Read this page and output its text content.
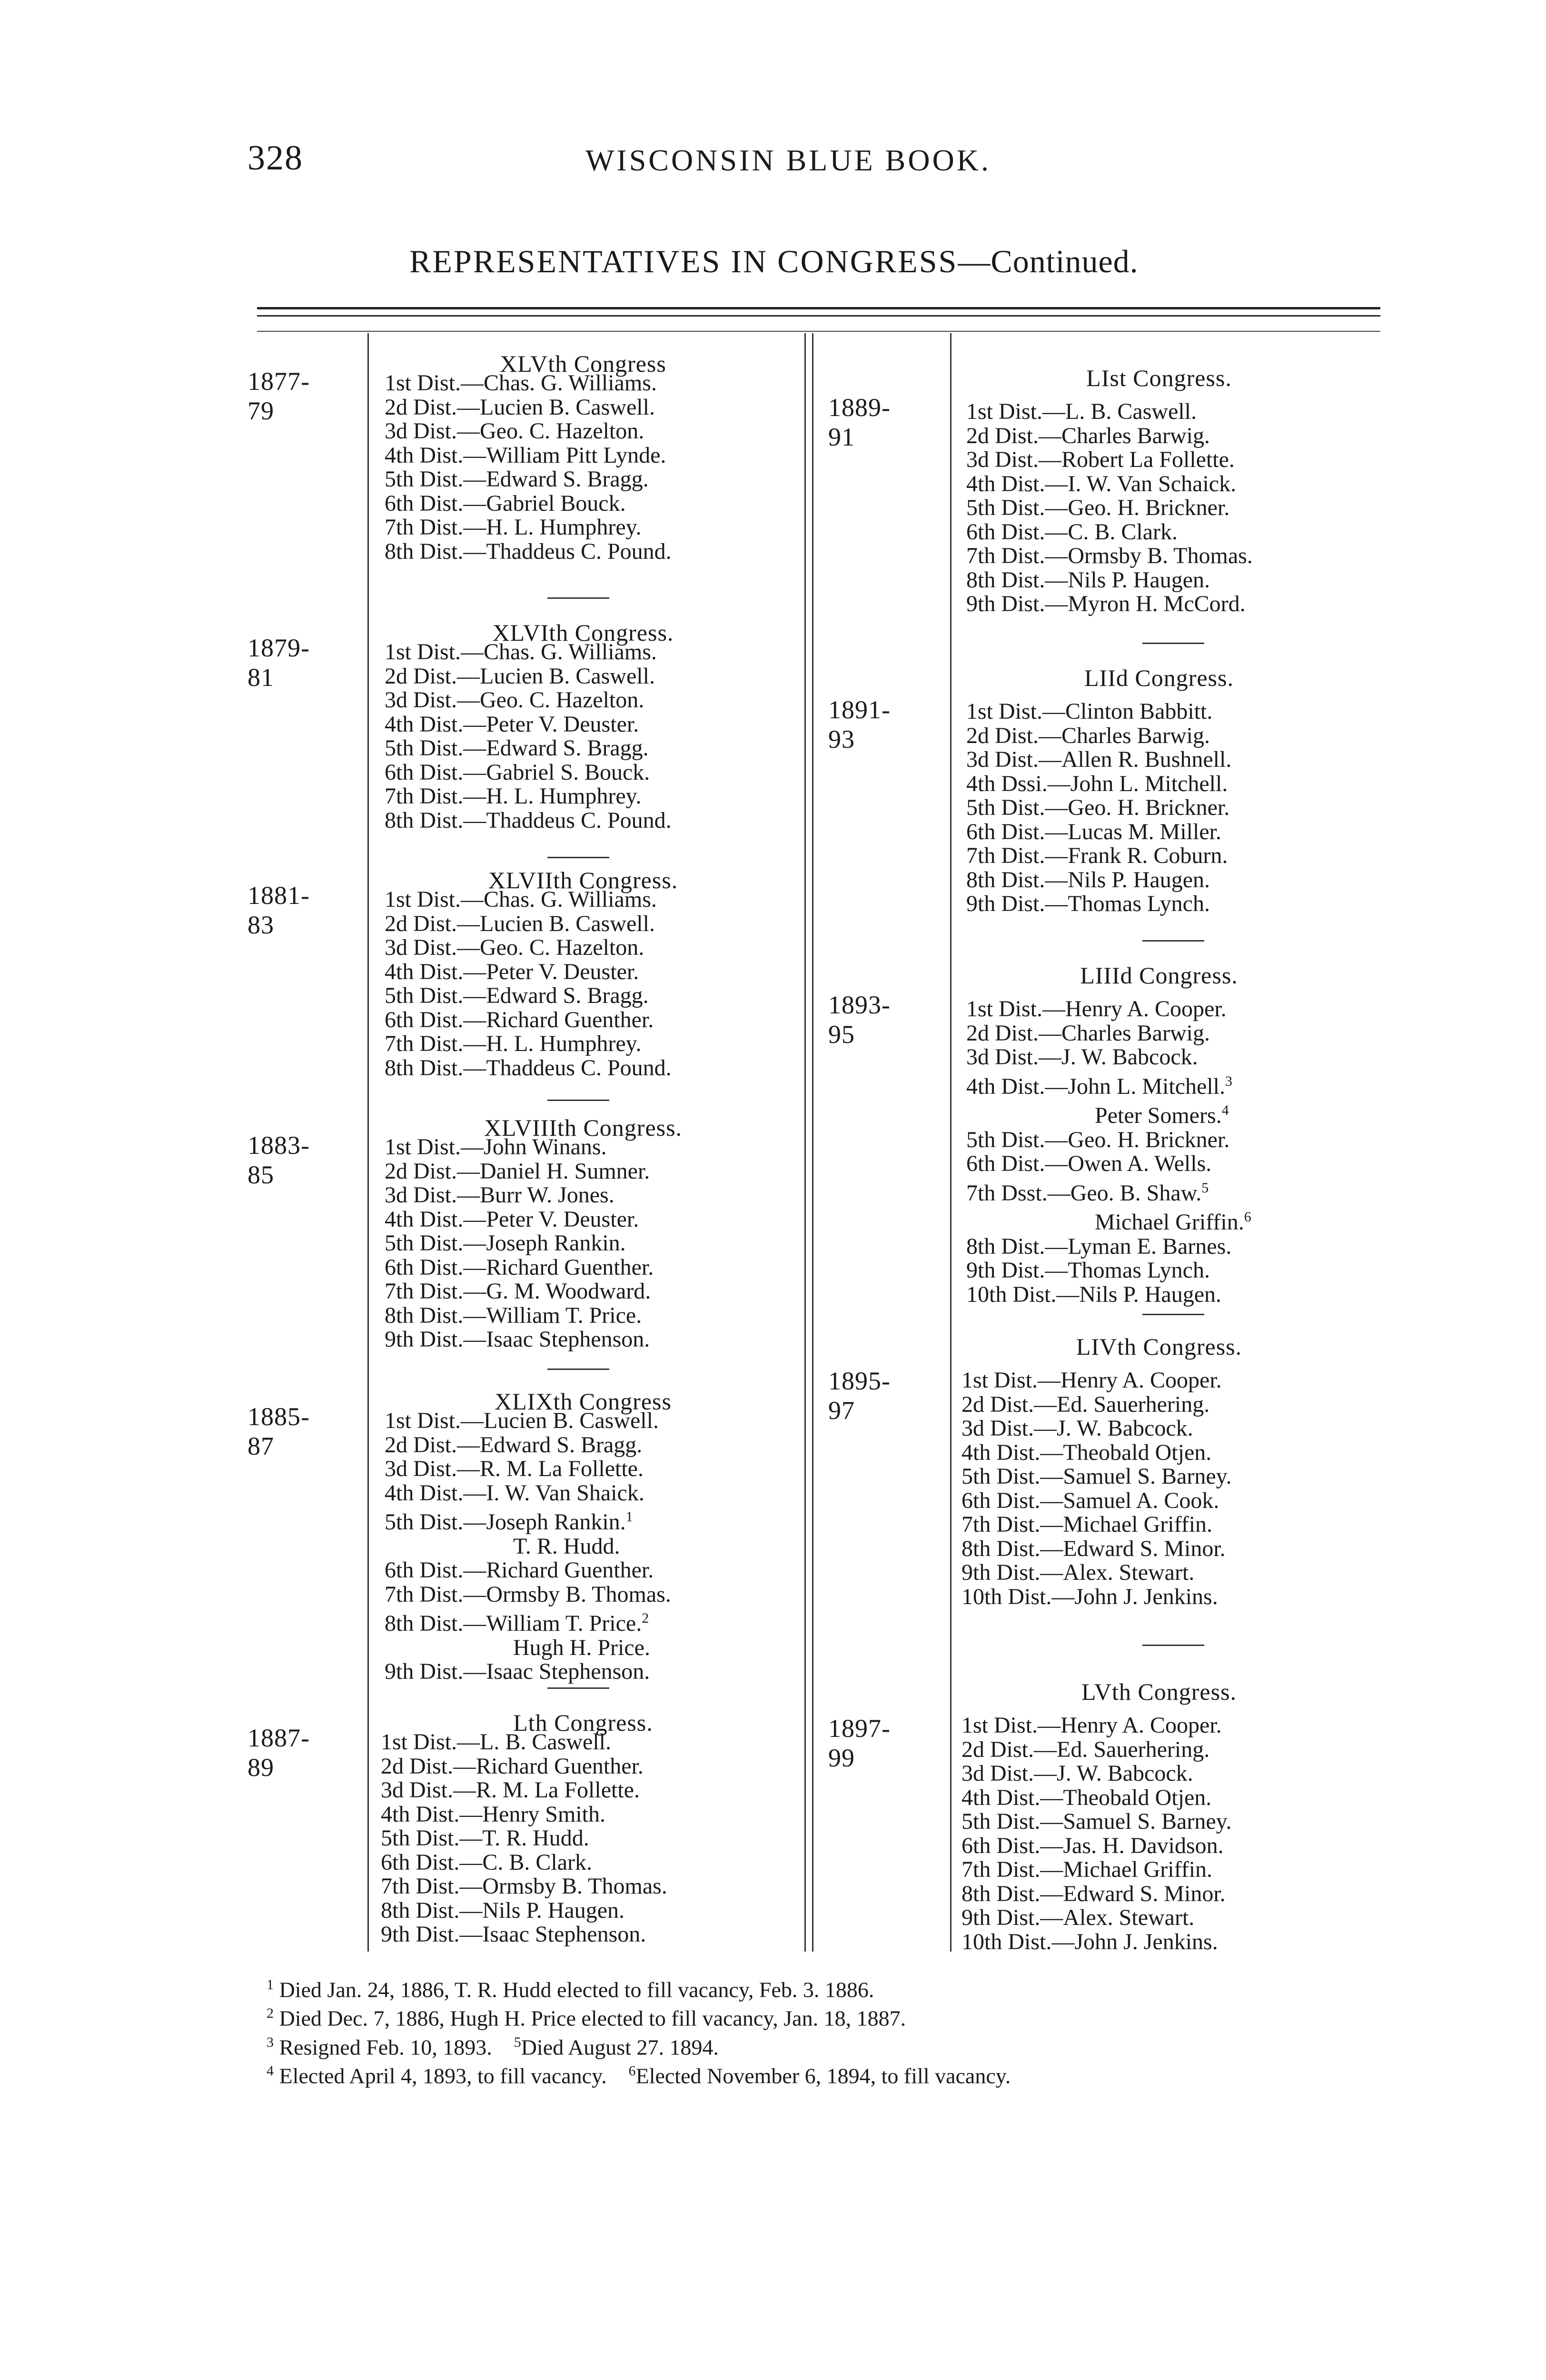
328	WISCONSIN BLUE BOOK.
REPRESENTATIVES IN CONGRESS—Continued.
1877-79
XLVth Congress
1st Dist.—Chas. G. Williams.
2d Dist.—Lucien B. Caswell.
3d Dist.—Geo. C. Hazelton.
4th Dist.—William Pitt Lynde.
5th Dist.—Edward S. Bragg.
6th Dist.—Gabriel Bouck.
7th Dist.—H. L. Humphrey.
8th Dist.—Thaddeus C. Pound.
1879-81
XLVIth Congress.
1st Dist.—Chas. G. Williams.
2d Dist.—Lucien B. Caswell.
3d Dist.—Geo. C. Hazelton.
4th Dist.—Peter V. Deuster.
5th Dist.—Edward S. Bragg.
6th Dist.—Gabriel S. Bouck.
7th Dist.—H. L. Humphrey.
8th Dist.—Thaddeus C. Pound.
1881-83
XLVIIth Congress.
1st Dist.—Chas. G. Williams.
2d Dist.—Lucien B. Caswell.
3d Dist.—Geo. C. Hazelton.
4th Dist.—Peter V. Deuster.
5th Dist.—Edward S. Bragg.
6th Dist.—Richard Guenther.
7th Dist.—H. L. Humphrey.
8th Dist.—Thaddeus C. Pound.
1883-85
XLVIIIth Congress.
1st Dist.—John Winans.
2d Dist.—Daniel H. Sumner.
3d Dist.—Burr W. Jones.
4th Dist.—Peter V. Deuster.
5th Dist.—Joseph Rankin.
6th Dist.—Richard Guenther.
7th Dist.—G. M. Woodward.
8th Dist.—William T. Price.
9th Dist.—Isaac Stephenson.
1885-87
XLIXth Congress
1st Dist.—Lucien B. Caswell.
2d Dist.—Edward S. Bragg.
3d Dist.—R. M. La Follette.
4th Dist.—I. W. Van Shaick.
5th Dist.—Joseph Rankin.$^1$
T. R. Hudd.
6th Dist.—Richard Guenther.
7th Dist.—Ormsby B. Thomas.
8th Dist.—William T. Price.$^2$
Hugh H. Price.
9th Dist.—Isaac Stephenson.
1887-89
Lth Congress.
1st Dist.—L. B. Caswell.
2d Dist.—Richard Guenther.
3d Dist.—R. M. La Follette.
4th Dist.—Henry Smith.
5th Dist.—T. R. Hudd.
6th Dist.—C. B. Clark.
7th Dist.—Ormsby B. Thomas.
8th Dist.—Nils P. Haugen.
9th Dist.—Isaac Stephenson.
1889-91
LIst Congress.
1st Dist.—L. B. Caswell.
2d Dist.—Charles Barwig.
3d Dist.—Robert La Follette.
4th Dist.—I. W. Van Schaick.
5th Dist.—Geo. H. Brickner.
6th Dist.—C. B. Clark.
7th Dist.—Ormsby B. Thomas.
8th Dist.—Nils P. Haugen.
9th Dist.—Myron H. McCord.
1891-93
LIId Congress.
1st Dist.—Clinton Babbitt.
2d Dist.—Charles Barwig.
3d Dist.—Allen R. Bushnell.
4th Dssi.—John L. Mitchell.
5th Dist.—Geo. H. Brickner.
6th Dist.—Lucas M. Miller.
7th Dist.—Frank R. Coburn.
8th Dist.—Nils P. Haugen.
9th Dist.—Thomas Lynch.
1893-95
LIIId Congress.
1st Dist.—Henry A. Cooper.
2d Dist.—Charles Barwig.
3d Dist.—J. W. Babcock.
4th Dist.—John L. Mitchell.$^3$
Peter Somers.$^4$
5th Dist.—Geo. H. Brickner.
6th Dist.—Owen A. Wells.
7th Dsst.—Geo. B. Shaw.$^5$
Michael Griffin.$^6$
8th Dist.—Lyman E. Barnes.
9th Dist.—Thomas Lynch.
10th Dist.—Nils P. Haugen.
1895-97
LIVth Congress.
1st Dist.—Henry A. Cooper.
2d Dist.—Ed. Sauerhering.
3d Dist.—J. W. Babcock.
4th Dist.—Theobald Otjen.
5th Dist.—Samuel S. Barney.
6th Dist.—Samuel A. Cook.
7th Dist.—Michael Griffin.
8th Dist.—Edward S. Minor.
9th Dist.—Alex. Stewart.
10th Dist.—John J. Jenkins.
1897-99
LVth Congress.
1st Dist.—Henry A. Cooper.
2d Dist.—Ed. Sauerhering.
3d Dist.—J. W. Babcock.
4th Dist.—Theobald Otjen.
5th Dist.—Samuel S. Barney.
6th Dist.—Jas. H. Davidson.
7th Dist.—Michael Griffin.
8th Dist.—Edward S. Minor.
9th Dist.—Alex. Stewart.
10th Dist.—John J. Jenkins.
$^1$ Died Jan. 24, 1886, T. R. Hudd elected to fill vacancy, Feb. 3. 1886.
$^2$ Died Dec. 7, 1886, Hugh H. Price elected to fill vacancy, Jan. 18, 1887.
$^3$ Resigned Feb. 10, 1893.  $^5$Died August 27. 1894.
$^4$ Elected April 4, 1893, to fill vacancy.  $^6$Elected November 6, 1894, to fill vacancy.
